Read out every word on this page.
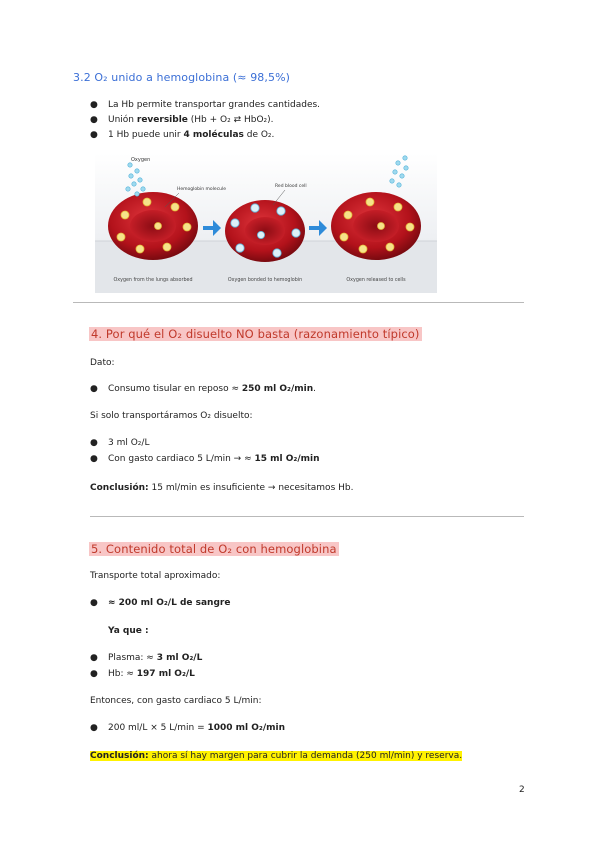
3.2 O₂ unido a hemoglobina (≈ 98,5%)
● La Hb permite transportar grandes cantidades.
● Unión reversible (Hb + O₂ ⇄ HbO₂).
● 1 Hb puede unir 4 moléculas de O₂.
Oxygen
Hemoglobin molecule
Red blood cell
Oxygen from the lungs absorbed	Oxygen bonded to hemoglobin	Oxygen released to cells
4. Por qué el O₂ disuelto NO basta (razonamiento típico)
Dato:
● Consumo tisular en reposo ≈ 250 ml O₂/min.
Si solo transportáramos O₂ disuelto:
● 3 ml O₂/L
● Con gasto cardiaco 5 L/min → ≈ 15 ml O₂/min
Conclusión: 15 ml/min es insuficiente → necesitamos Hb.
5. Contenido total de O₂ con hemoglobina
Transporte total aproximado:
● ≈ 200 ml O₂/L de sangre
Ya que :
● Plasma: ≈ 3 ml O₂/L
● Hb: ≈ 197 ml O₂/L
Entonces, con gasto cardiaco 5 L/min:
● 200 ml/L × 5 L/min = 1000 ml O₂/min
Conclusión: ahora sí hay margen para cubrir la demanda (250 ml/min) y reserva.
2
